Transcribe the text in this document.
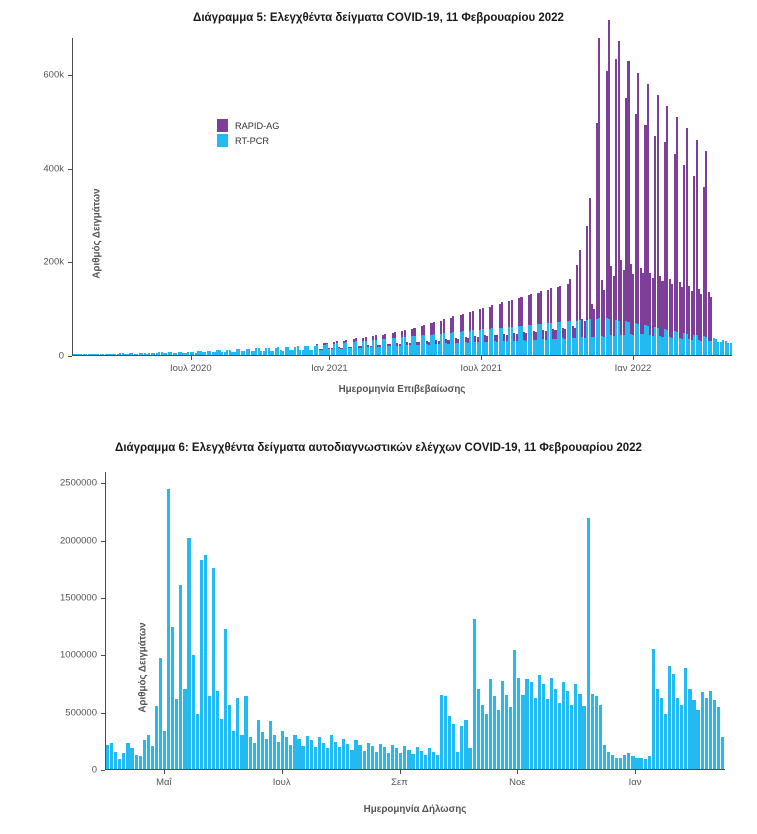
Διάγραμμα 5: Ελεγχθέντα δείγματα COVID-19, 11 Φεβρουαρίου 2022
0
200k
400k
600k
Ιουλ 2020	Ιαν 2021	Ιουλ 2021	Ιαν 2022
RAPID-AG
RT-PCR
Αριθμός Δειγμάτων
Ημερομηνία Επιβεβαίωσης
Διάγραμμα 6: Ελεγχθέντα δείγματα αυτοδιαγνωστικών ελέγχων COVID-19, 11 Φεβρουαρίου 2022
0
500000
1000000
1500000
2000000
2500000
Μαΐ	Ιουλ	Σεπ	Νοε	Ιαν
Αριθμός Δειγμάτων
Ημερομηνία Δήλωσης
